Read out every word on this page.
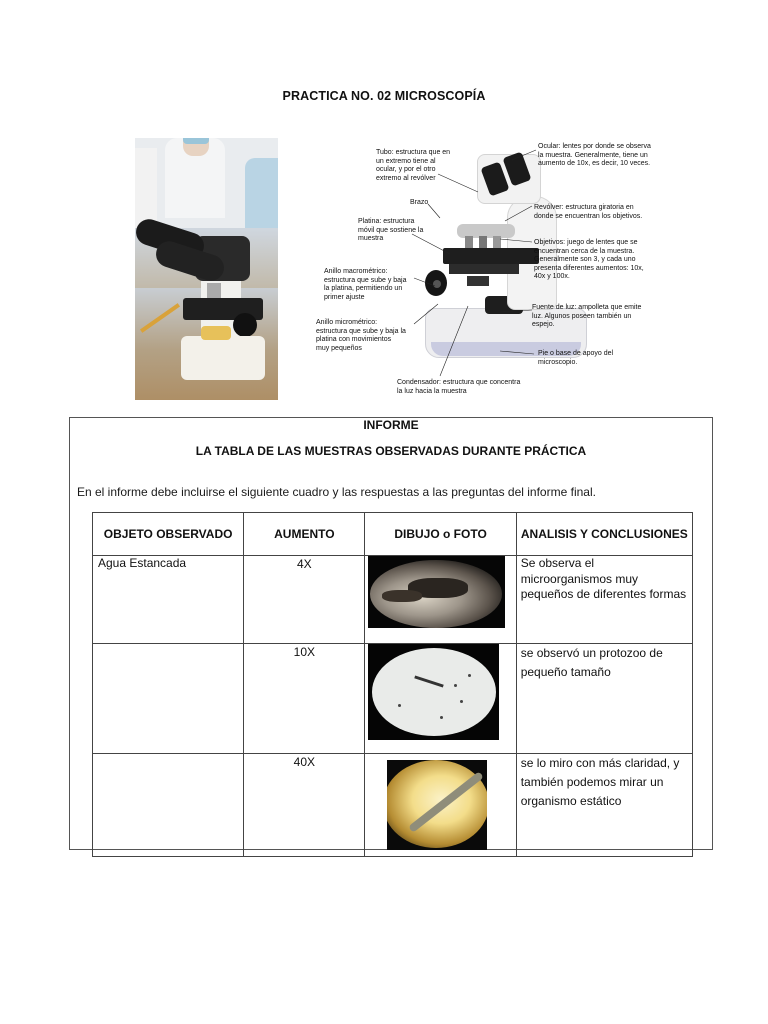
PRACTICA NO. 02 MICROSCOPÍA
Tubo: estructura que en un extremo tiene al ocular, y por el otro extremo al revólver
Brazo
Platina: estructura móvil que sostiene la muestra
Anillo macrométrico: estructura que sube y baja la platina, permitiendo un primer ajuste
Anillo micrométrico: estructura que sube y baja la platina con movimientos muy pequeños
Condensador: estructura que concentra la luz hacia la muestra
Ocular: lentes por donde se observa la muestra. Generalmente, tiene un aumento de 10x, es decir, 10 veces.
Revólver: estructura giratoria en donde se encuentran los objetivos.
Objetivos: juego de lentes que se encuentran cerca de la muestra. Generalmente son 3, y cada uno presenta diferentes aumentos: 10x, 40x y 100x.
Fuente de luz: ampolleta que emite luz. Algunos poseen también un espejo.
Pie o base de apoyo del microscopio.
INFORME
LA TABLA DE LAS MUESTRAS OBSERVADAS DURANTE PRÁCTICA
En el informe debe incluirse el siguiente cuadro y las respuestas a las preguntas del informe final.
OBJETO OBSERVADO	AUMENTO	DIBUJO o FOTO	ANALISIS Y CONCLUSIONES
Agua Estancada	4X		Se observa el microorganismos muy pequeños de diferentes formas
	10X		se observó un protozoo de pequeño tamaño
	40X		se lo miro con más claridad, y también podemos mirar un organismo estático
